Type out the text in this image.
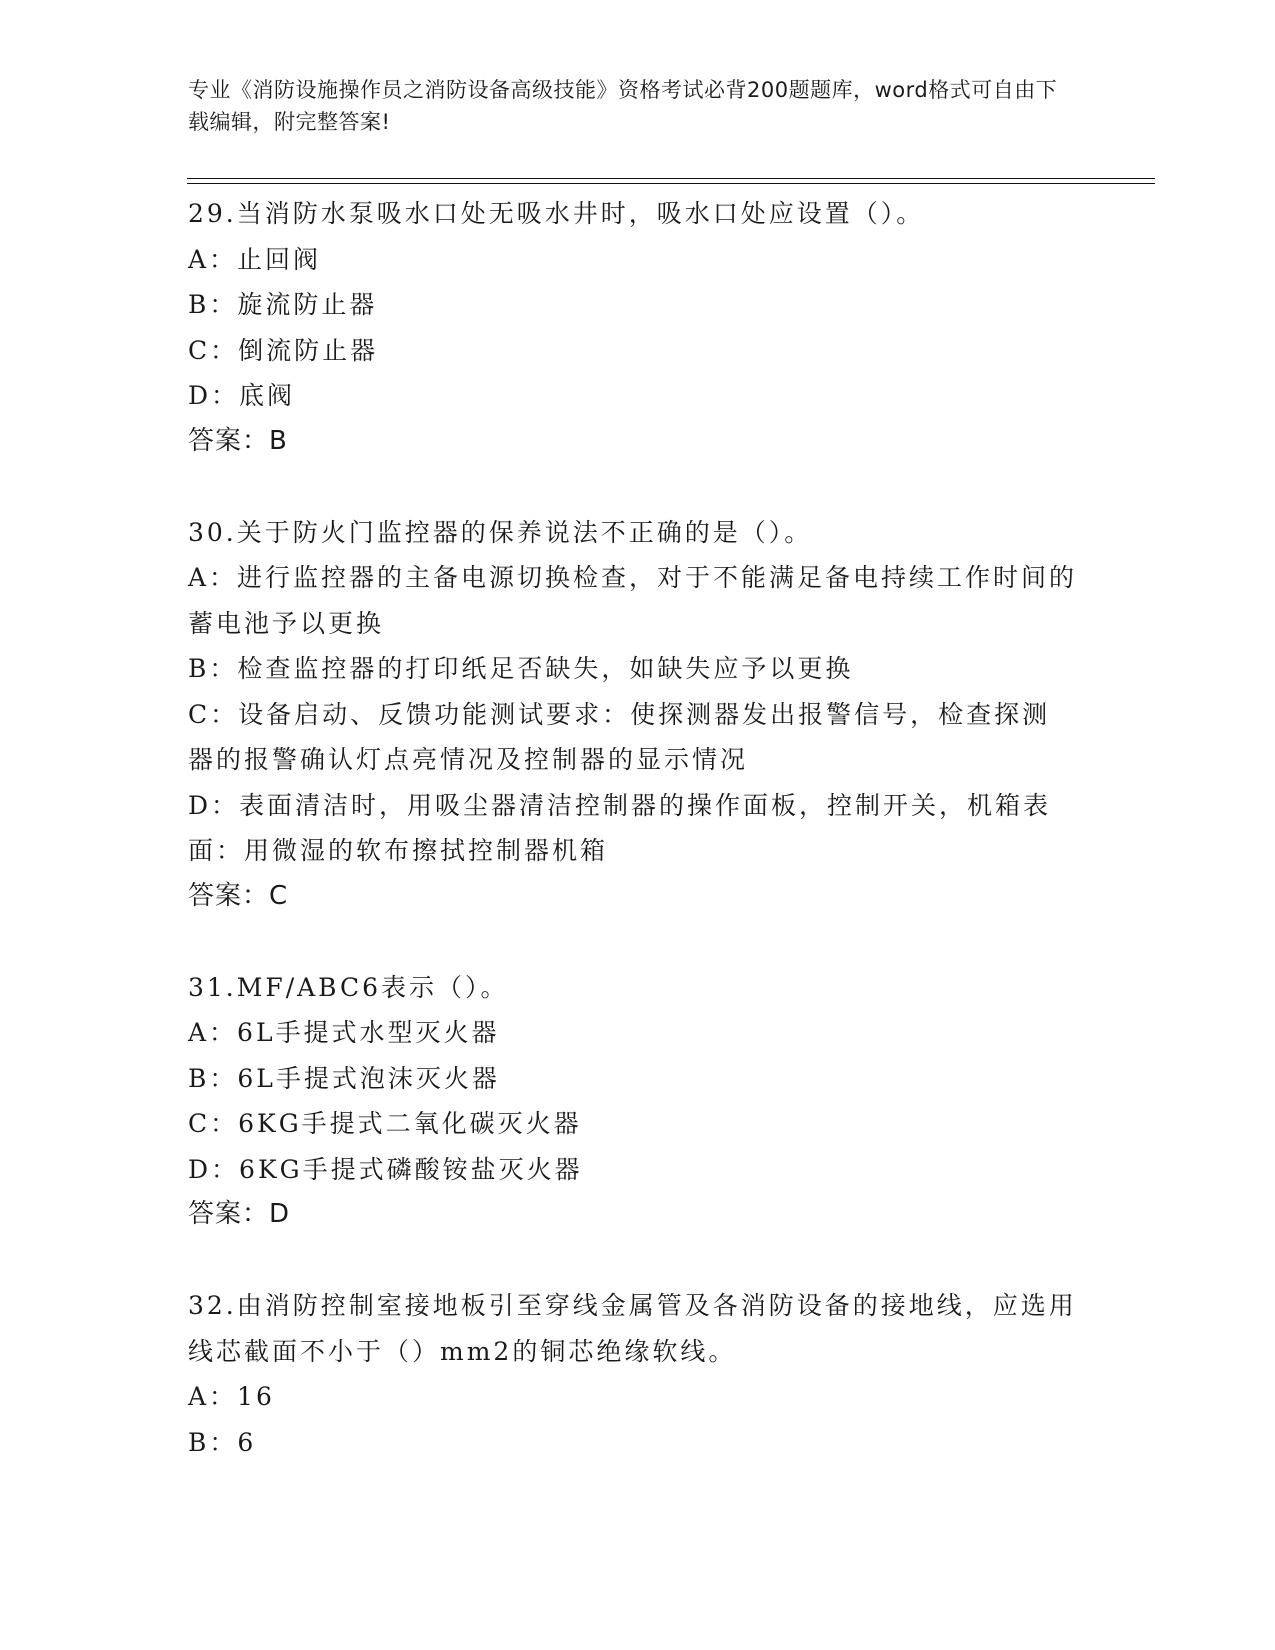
专业《消防设施操作员之消防设备高级技能》资格考试必背200题题库，word格式可自由下载编辑，附完整答案!

29.当消防水泵吸水口处无吸水井时，吸水口处应设置（）。

A：止回阀

B：旋流防止器

C：倒流防止器

D：底阀

答案：B

30.关于防火门监控器的保养说法不正确的是（）。

A：进行监控器的主备电源切换检查，对于不能满足备电持续工作时间的蓄电池予以更换

B：检查监控器的打印纸足否缺失，如缺失应予以更换

C：设备启动、反馈功能测试要求：使探测器发出报警信号，检查探测器的报警确认灯点亮情况及控制器的显示情况

D：表面清洁时，用吸尘器清洁控制器的操作面板，控制开关，机箱表面：用微湿的软布擦拭控制器机箱

答案：C

31.MF/ABC6表示（）。

A：6L手提式水型灭火器

B：6L手提式泡沫灭火器

C：6KG手提式二氧化碳灭火器

D：6KG手提式磷酸铵盐灭火器

答案：D

32.由消防控制室接地板引至穿线金属管及各消防设备的接地线，应选用线芯截面不小于（）mm2的铜芯绝缘软线。

A：16

B：6
